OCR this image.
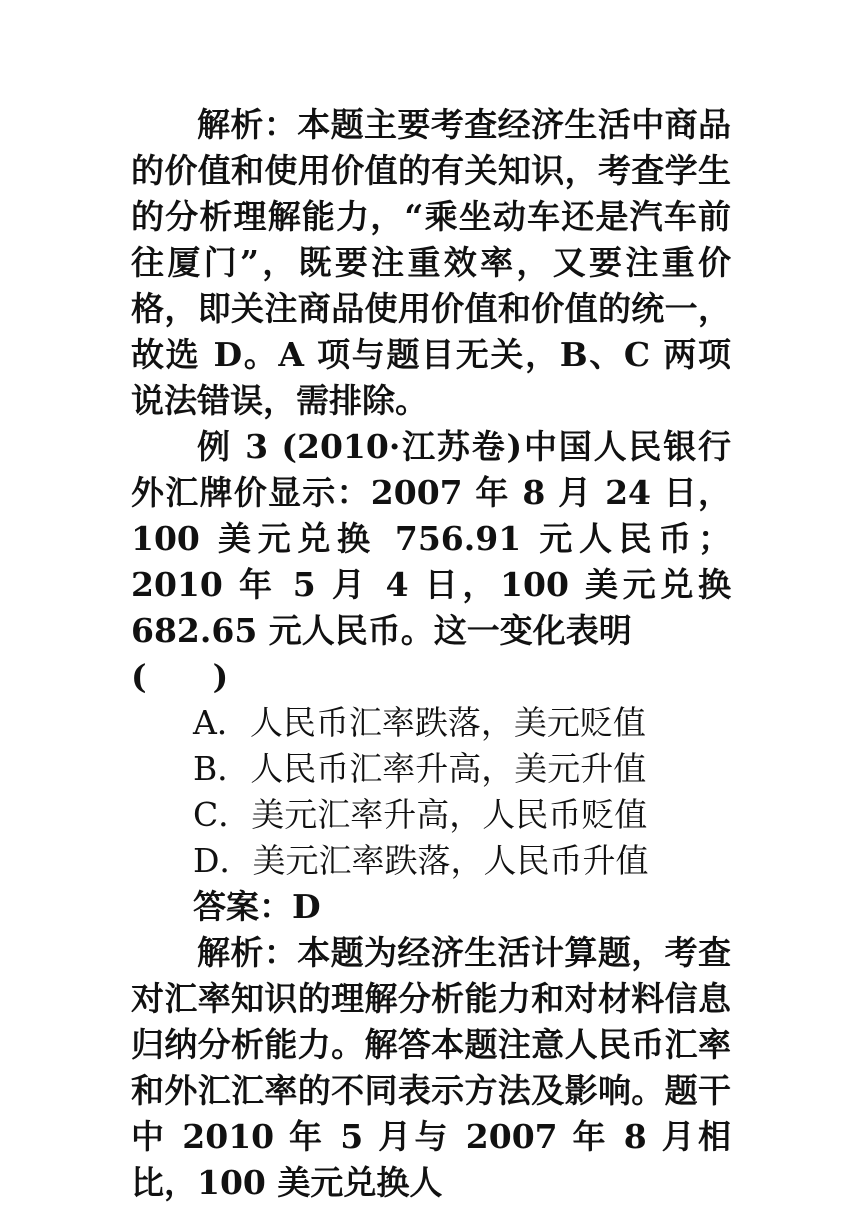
解析：本题主要考查经济生活中商品的价值和使用价值的有关知识，考查学生的分析理解能力，“乘坐动车还是汽车前往厦门”，既要注重效率，又要注重价格，即关注商品使用价值和价值的统一，故选 D。A 项与题目无关，B、C 两项说法错误，需排除。

例 3 (2010·江苏卷)中国人民银行外汇牌价显示：2007 年 8 月 24 日，100 美元兑换 756.91 元人民币；2010 年 5 月 4 日，100 美元兑换 682.65 元人民币。这一变化表明
(　　)

A．人民币汇率跌落，美元贬值
B．人民币汇率升高，美元升值
C．美元汇率升高，人民币贬值
D．美元汇率跌落，人民币升值

答案：D

解析：本题为经济生活计算题，考查对汇率知识的理解分析能力和对材料信息归纳分析能力。解答本题注意人民币汇率和外汇汇率的不同表示方法及影响。题干中 2010 年 5 月与 2007 年 8 月相比，100 美元兑换人
